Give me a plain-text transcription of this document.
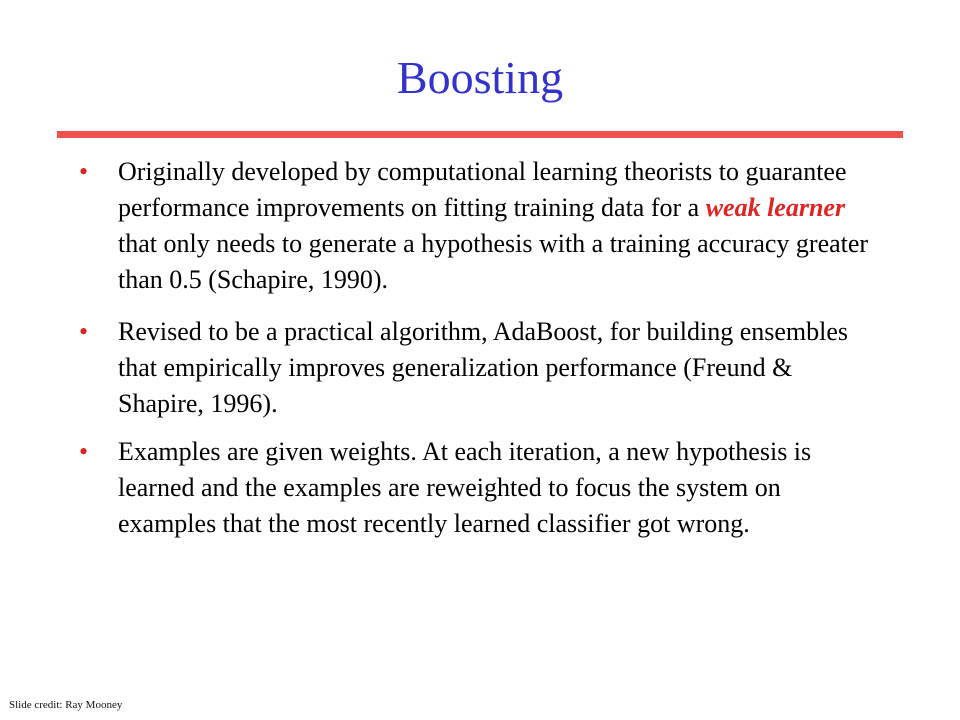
Boosting
• Originally developed by computational learning theorists to guarantee performance improvements on fitting training data for a weak learner that only needs to generate a hypothesis with a training accuracy greater than 0.5 (Schapire, 1990).
• Revised to be a practical algorithm, AdaBoost, for building ensembles that empirically improves generalization performance (Freund & Shapire, 1996).
• Examples are given weights. At each iteration, a new hypothesis is learned and the examples are reweighted to focus the system on examples that the most recently learned classifier got wrong.
Slide credit: Ray Mooney
